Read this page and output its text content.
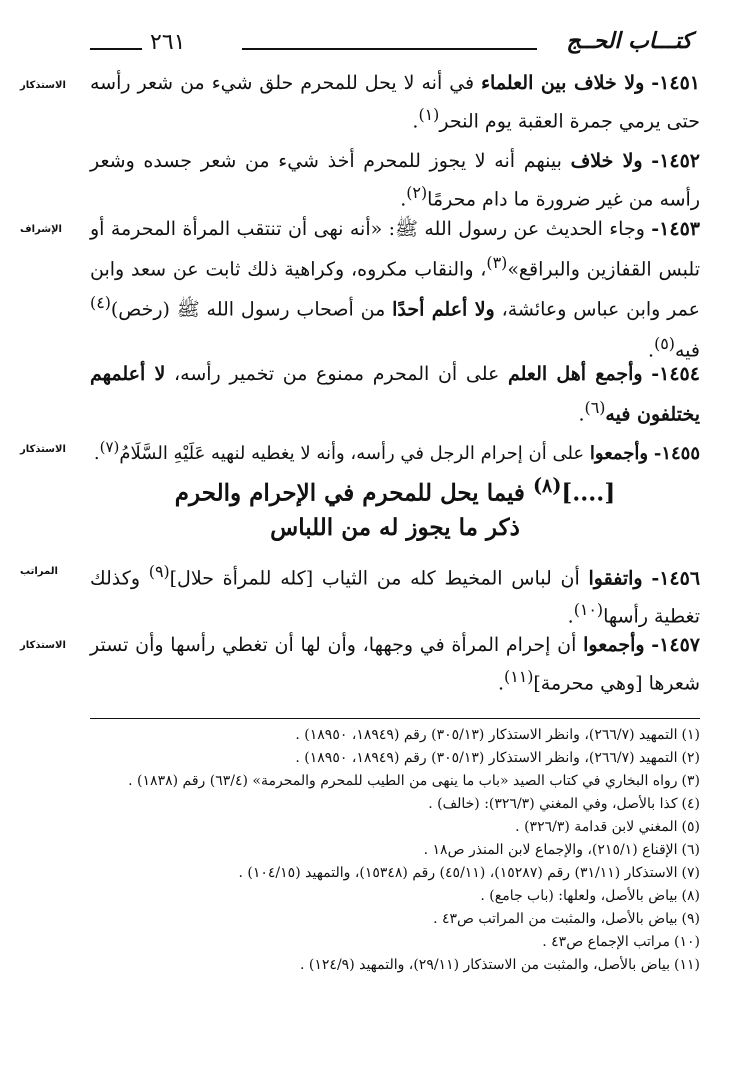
٢٦١	كتـــاب الحــج
الاستذكار	١٤٥١- ولا خلاف بين العلماء في أنه لا يحل للمحرم حلق شيء من شعر رأسه حتى يرمي جمرة العقبة يوم النحر$^{(١)}$.
١٤٥٢- ولا خلاف بينهم أنه لا يجوز للمحرم أخذ شيء من شعر جسده وشعر رأسه من غير ضرورة ما دام محرمًا$^{(٢)}$.
الإشراف	١٤٥٣- وجاء الحديث عن رسول الله ﷺ: «أنه نهى أن تنتقب المرأة المحرمة أو تلبس القفازين والبراقع»$^{(٣)}$، والنقاب مكروه، وكراهية ذلك ثابت عن سعد وابن عمر وابن عباس وعائشة، ولا أعلم أحدًا من أصحاب رسول الله ﷺ (رخص)$^{(٤)}$ فيه$^{(٥)}$.
١٤٥٤- وأجمع أهل العلم على أن المحرم ممنوع من تخمير رأسه، لا أعلمهم يختلفون فيه$^{(٦)}$.
الاستذكار	١٤٥٥- وأجمعوا على أن إحرام الرجل في رأسه، وأنه لا يغطيه لنهيه عَلَيْهِ السَّلَامُ$^{(٧)}$.
[....]$^{(٨)}$ فيما يحل للمحرم في الإحرام والحرم
ذكر ما يجوز له من اللباس
المراتب	١٤٥٦- واتفقوا أن لباس المخيط كله من الثياب [كله للمرأة حلال]$^{(٩)}$ وكذلك تغطية رأسها$^{(١٠)}$.
الاستذكار	١٤٥٧- وأجمعوا أن إحرام المرأة في وجهها، وأن لها أن تغطي رأسها وأن تستر شعرها [وهي محرمة]$^{(١١)}$.

(١)التمهيد (٢٦٦/٧)، وانظر الاستذكار (٣٠٥/١٣) رقم (١٨٩٤٩، ١٨٩٥٠) .

(٢)التمهيد (٢٦٦/٧)، وانظر الاستذكار (٣٠٥/١٣) رقم (١٨٩٤٩، ١٨٩٥٠) .

(٣)رواه البخاري في كتاب الصيد «باب ما ينهى من الطيب للمحرم والمحرمة» (٦٣/٤) رقم (١٨٣٨) .

(٤)كذا بالأصل، وفي المغني (٣٢٦/٣): (خالف) .

(٥)المغني لابن قدامة (٣٢٦/٣) .

(٦)الإقناع (٢١٥/١)، والإجماع لابن المنذر ص١٨ .

(٧)الاستذكار (٣١/١١) رقم (١٥٢٨٧)، (٤٥/١١) رقم (١٥٣٤٨)، والتمهيد (١٠٤/١٥) .

(٨)بياض بالأصل، ولعلها: (باب جامع) .

(٩)بياض بالأصل، والمثبت من المراتب ص٤٣ .

(١٠)مراتب الإجماع ص٤٣ .

(١١)بياض بالأصل، والمثبت من الاستذكار (٢٩/١١)، والتمهيد (١٢٤/٩) .
